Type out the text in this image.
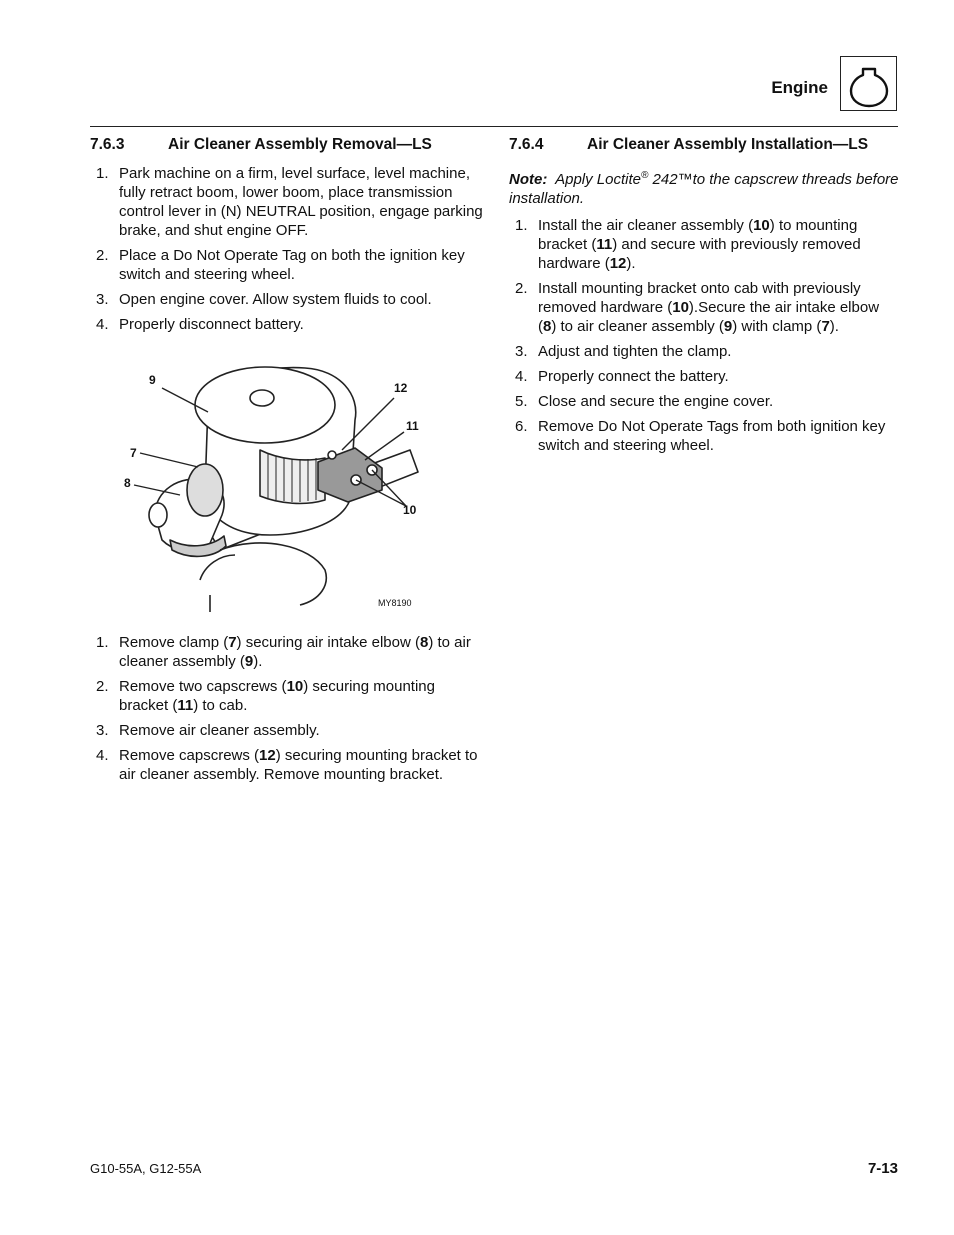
Engine
7.6.3	Air Cleaner Assembly Removal—LS
1. Park machine on a firm, level surface, level machine, fully retract boom, lower boom, place transmission control lever in (N) NEUTRAL position, engage parking brake, and shut engine OFF.
2. Place a Do Not Operate Tag on both the ignition key switch and steering wheel.
3. Open engine cover. Allow system fluids to cool.
4. Properly disconnect battery.
9
12
11
7
8
10
MY8190
1. Remove clamp (7) securing air intake elbow (8) to air cleaner assembly (9).
2. Remove two capscrews (10) securing mounting bracket (11) to cab.
3. Remove air cleaner assembly.
4. Remove capscrews (12) securing mounting bracket to air cleaner assembly. Remove mounting bracket.
7.6.4	Air Cleaner Assembly Installation—LS
Note: Apply Loctite® 242™to the capscrew threads before installation.
1. Install the air cleaner assembly (10) to mounting bracket (11) and secure with previously removed hardware (12).
2. Install mounting bracket onto cab with previously removed hardware (10).Secure the air intake elbow (8) to air cleaner assembly (9) with clamp (7).
3. Adjust and tighten the clamp.
4. Properly connect the battery.
5. Close and secure the engine cover.
6. Remove Do Not Operate Tags from both ignition key switch and steering wheel.
G10-55A, G12-55A	7-13
